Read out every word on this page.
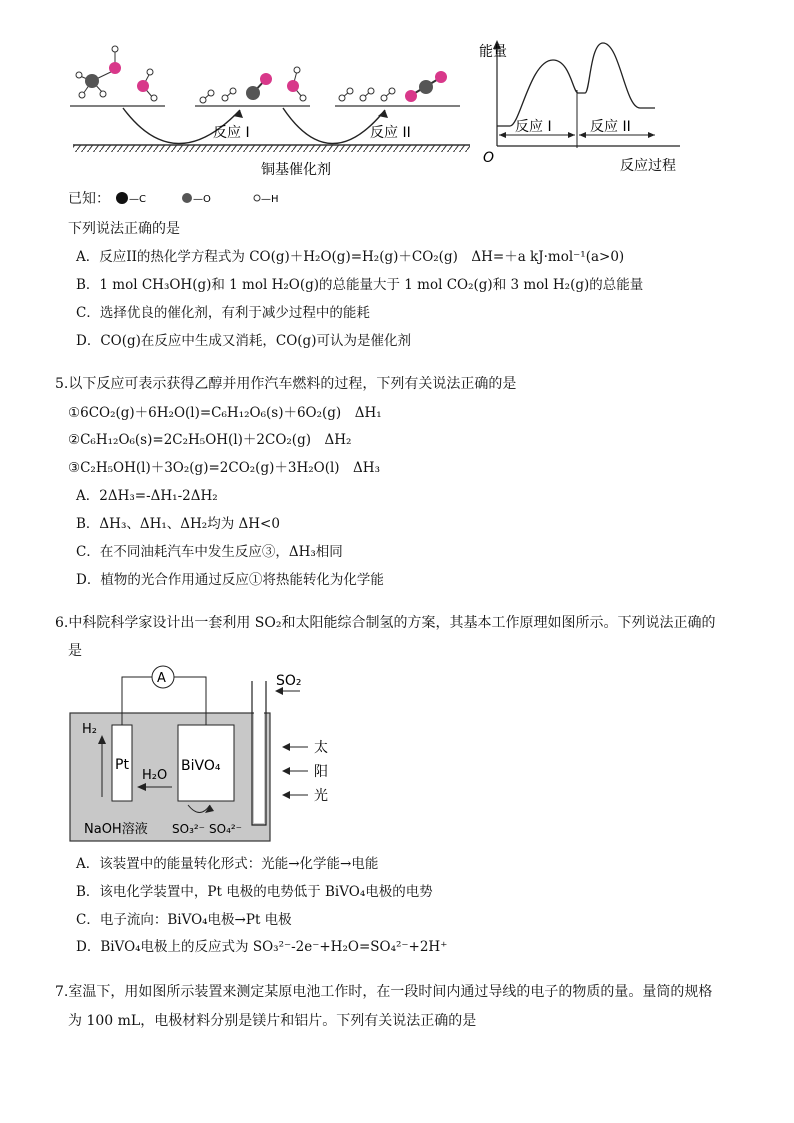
反应 I	反应 II
铜基催化剂
能量
O
反应 I	反应 II
反应过程
已知： —C	—O	—H
下列说法正确的是
A．反应II的热化学方程式为 CO(g)＋H₂O(g)=H₂(g)＋CO₂(g)　ΔH=＋a kJ·mol⁻¹(a>0)
B．1 mol CH₃OH(g)和 1 mol H₂O(g)的总能量大于 1 mol CO₂(g)和 3 mol H₂(g)的总能量
C．选择优良的催化剂，有利于减少过程中的能耗
D．CO(g)在反应中生成又消耗，CO(g)可认为是催化剂
5.以下反应可表示获得乙醇并用作汽车燃料的过程，下列有关说法正确的是
①6CO₂(g)＋6H₂O(l)=C₆H₁₂O₆(s)＋6O₂(g)　ΔH₁
②C₆H₁₂O₆(s)=2C₂H₅OH(l)＋2CO₂(g)　ΔH₂
③C₂H₅OH(l)＋3O₂(g)=2CO₂(g)＋3H₂O(l)　ΔH₃
A．2ΔH₃=-ΔH₁-2ΔH₂
B．ΔH₃、ΔH₁、ΔH₂均为 ΔH<0
C．在不同油耗汽车中发生反应③，ΔH₃相同
D．植物的光合作用通过反应①将热能转化为化学能
6.中科院科学家设计出一套利用 SO₂和太阳能综合制氢的方案，其基本工作原理如图所示。下列说法正确的
是
A	SO₂
H₂
Pt
H₂O
BiVO₄
NaOH溶液 SO₃²⁻ SO₄²⁻
太
阳
光
A．该装置中的能量转化形式：光能→化学能→电能
B．该电化学装置中，Pt 电极的电势低于 BiVO₄电极的电势
C．电子流向：BiVO₄电极→Pt 电极
D．BiVO₄电极上的反应式为 SO₃²⁻-2e⁻+H₂O=SO₄²⁻+2H⁺
7.室温下，用如图所示装置来测定某原电池工作时，在一段时间内通过导线的电子的物质的量。量筒的规格
为 100 mL，电极材料分别是镁片和铝片。下列有关说法正确的是
